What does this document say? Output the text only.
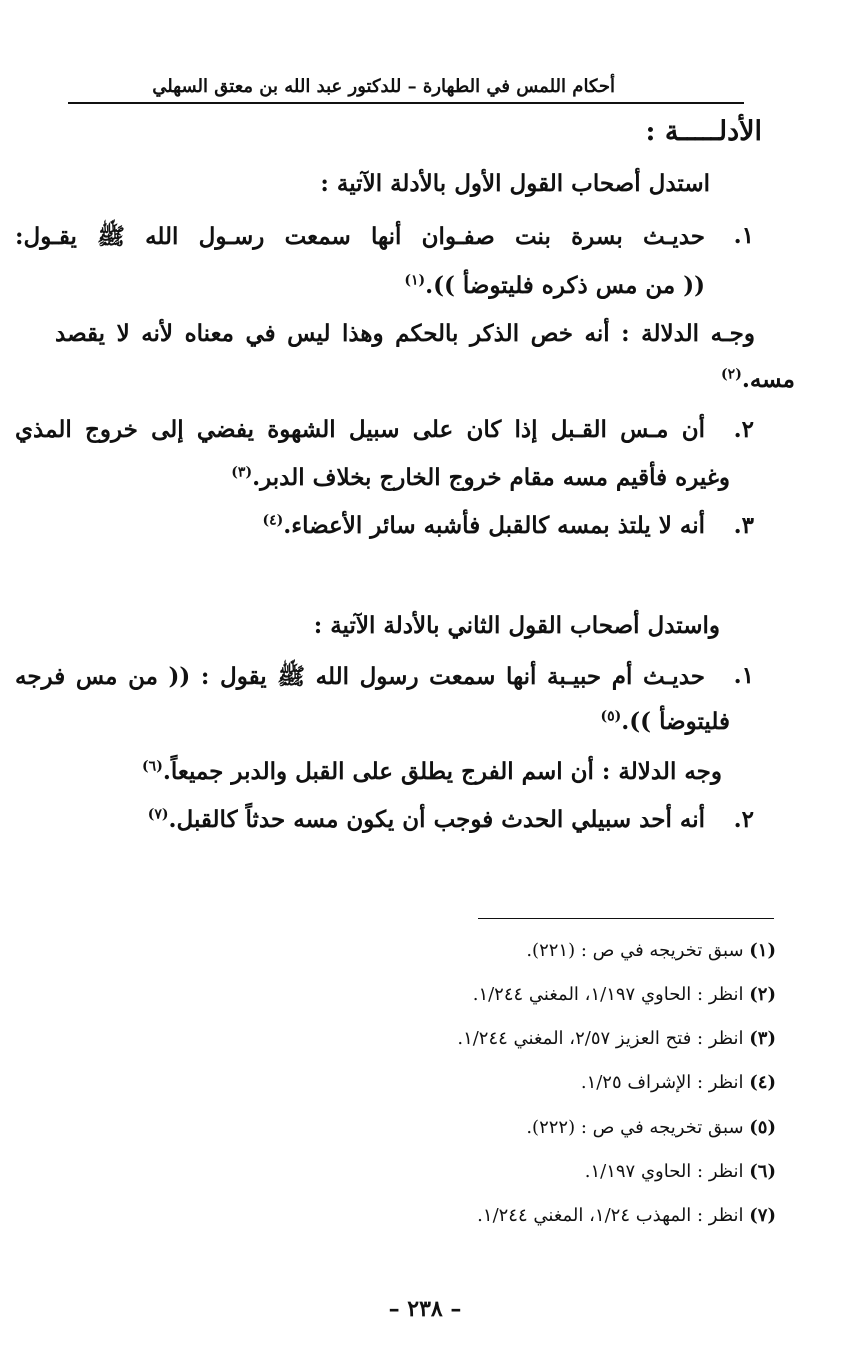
أحكام اللمس في الطهارة – للدكتور عبد الله بن معتق السهلي
الأدلـــــة :
استدل أصحاب القول الأول بالأدلة الآتية :
١.
حديـث بسرة بنت صفـوان أنها سمعت رسـول الله ﷺ يقـول:
(( من مس ذكره فليتوضأ )).$^{(١)}$
وجـه الدلالة : أنه خص الذكر بالحكم وهذا ليس في معناه لأنه لا يقصد
مسه.$^{(٢)}$
٢.
أن مـس القـبل إذا كان على سبيل الشهوة يفضي إلى خروج المذي
وغيره فأقيم مسه مقام خروج الخارج بخلاف الدبر.$^{(٣)}$
٣.
أنه لا يلتذ بمسه كالقبل فأشبه سائر الأعضاء.$^{(٤)}$
واستدل أصحاب القول الثاني بالأدلة الآتية :
١.
حديـث أم حبيـبة أنها سمعت رسول الله ﷺ يقول : (( من مس فرجه
فليتوضأ )).$^{(٥)}$
وجه الدلالة : أن اسم الفرج يطلق على القبل والدبر جميعاً.$^{(٦)}$
٢.
أنه أحد سبيلي الحدث فوجب أن يكون مسه حدثاً كالقبل.$^{(٧)}$
(١) سبق تخريجه في ص : (٢٢١).
(٢) انظر : الحاوي ١/١٩٧، المغني ١/٢٤٤.
(٣) انظر : فتح العزيز ٢/٥٧، المغني ١/٢٤٤.
(٤) انظر : الإشراف ١/٢٥.
(٥) سبق تخريجه في ص : (٢٢٢).
(٦) انظر : الحاوي ١/١٩٧.
(٧) انظر : المهذب ١/٢٤، المغني ١/٢٤٤.
– ٢٣٨ –
